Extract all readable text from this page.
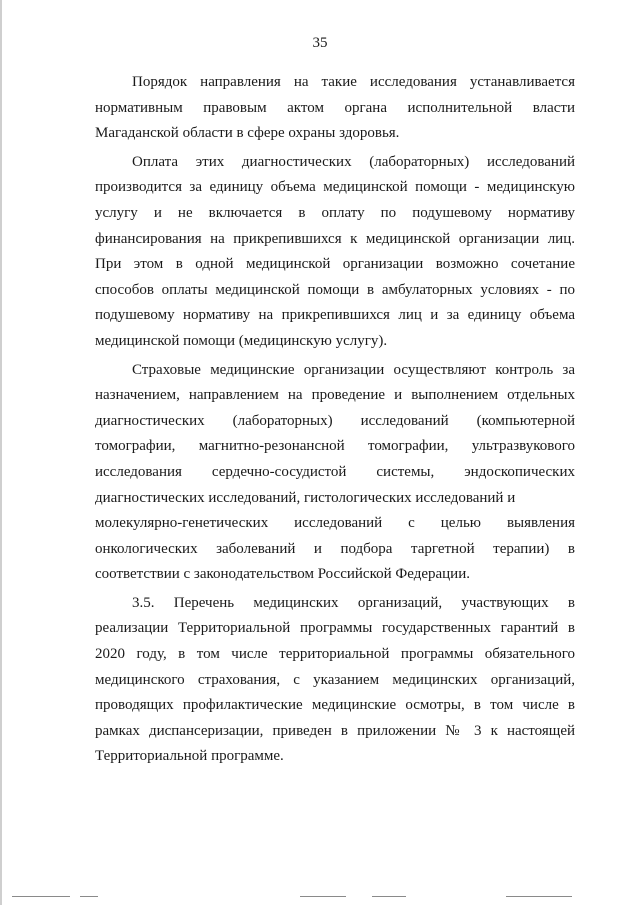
35
Порядок направления на такие исследования устанавливается
нормативным правовым актом органа исполнительной власти
Магаданской области в сфере охраны здоровья.
Оплата этих диагностических (лабораторных) исследований
производится за единицу объема медицинской помощи - медицинскую
услугу и не включается в оплату по подушевому нормативу
финансирования на прикрепившихся к медицинской организации лиц.
При этом в одной медицинской организации возможно сочетание
способов оплаты медицинской помощи в амбулаторных условиях - по
подушевому нормативу на прикрепившихся лиц и за единицу объема
медицинской помощи (медицинскую услугу).
Страховые медицинские организации осуществляют контроль за
назначением, направлением на проведение и выполнением отдельных
диагностических (лабораторных) исследований (компьютерной
томографии, магнитно-резонансной томографии, ультразвукового
исследования сердечно-сосудистой системы, эндоскопических
диагностических исследований, гистологических исследований и
молекулярно-генетических исследований с целью выявления
онкологических заболеваний и подбора таргетной терапии) в
соответствии с законодательством Российской Федерации.
3.5. Перечень медицинских организаций, участвующих в
реализации Территориальной программы государственных гарантий в
2020 году, в том числе территориальной программы обязательного
медицинского страхования, с указанием медицинских организаций,
проводящих профилактические медицинские осмотры, в том числе в
рамках диспансеризации, приведен в приложении № 3 к настоящей
Территориальной программе.
